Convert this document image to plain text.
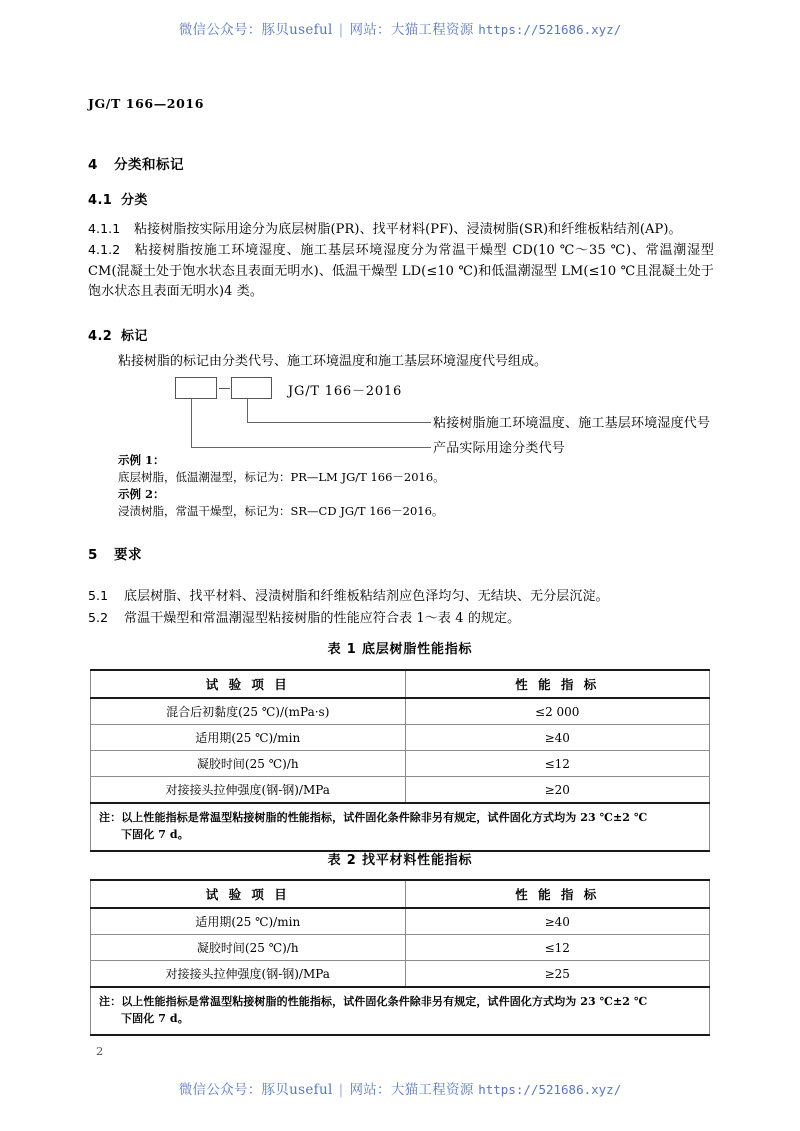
微信公众号：豚贝useful | 网站：大猫工程资源 https://521686.xyz/
JG/T 166—2016
4 分类和标记
4.1 分类
4.1.1 粘接树脂按实际用途分为底层树脂(PR)、找平材料(PF)、浸渍树脂(SR)和纤维板粘结剂(AP)。
4.1.2 粘接树脂按施工环境湿度、施工基层环境湿度分为常温干燥型 CD(10 ℃～35 ℃)、常温潮湿型 CM(混凝土处于饱水状态且表面无明水)、低温干燥型 LD(≤10 ℃)和低温潮湿型 LM(≤10 ℃且混凝土处于饱水状态且表面无明水)4 类。
4.2 标记
粘接树脂的标记由分类代号、施工环境温度和施工基层环境湿度代号组成。
JG/T 166－2016
粘接树脂施工环境温度、施工基层环境湿度代号
产品实际用途分类代号
示例 1：
底层树脂，低温潮湿型，标记为：PR—LM JG/T 166－2016。
示例 2：
浸渍树脂，常温干燥型，标记为：SR—CD JG/T 166－2016。
5 要求
5.1 底层树脂、找平材料、浸渍树脂和纤维板粘结剂应色泽均匀、无结块、无分层沉淀。
5.2 常温干燥型和常温潮湿型粘接树脂的性能应符合表 1～表 4 的规定。
表 1 底层树脂性能指标
试 验 项 目	性 能 指 标
混合后初黏度(25 ℃)/(mPa·s)	≤2 000
适用期(25 ℃)/min	≥40
凝胶时间(25 ℃)/h	≤12
对接接头拉伸强度(钢-钢)/MPa	≥20
注：以上性能指标是常温型粘接树脂的性能指标，试件固化条件除非另有规定，试件固化方式均为 23 ℃±2 ℃
下固化 7 d。	
表 2 找平材料性能指标
试 验 项 目	性 能 指 标
适用期(25 ℃)/min	≥40
凝胶时间(25 ℃)/h	≤12
对接接头拉伸强度(钢-钢)/MPa	≥25
注：以上性能指标是常温型粘接树脂的性能指标，试件固化条件除非另有规定，试件固化方式均为 23 ℃±2 ℃
下固化 7 d。	
2
微信公众号：豚贝useful | 网站：大猫工程资源 https://521686.xyz/
